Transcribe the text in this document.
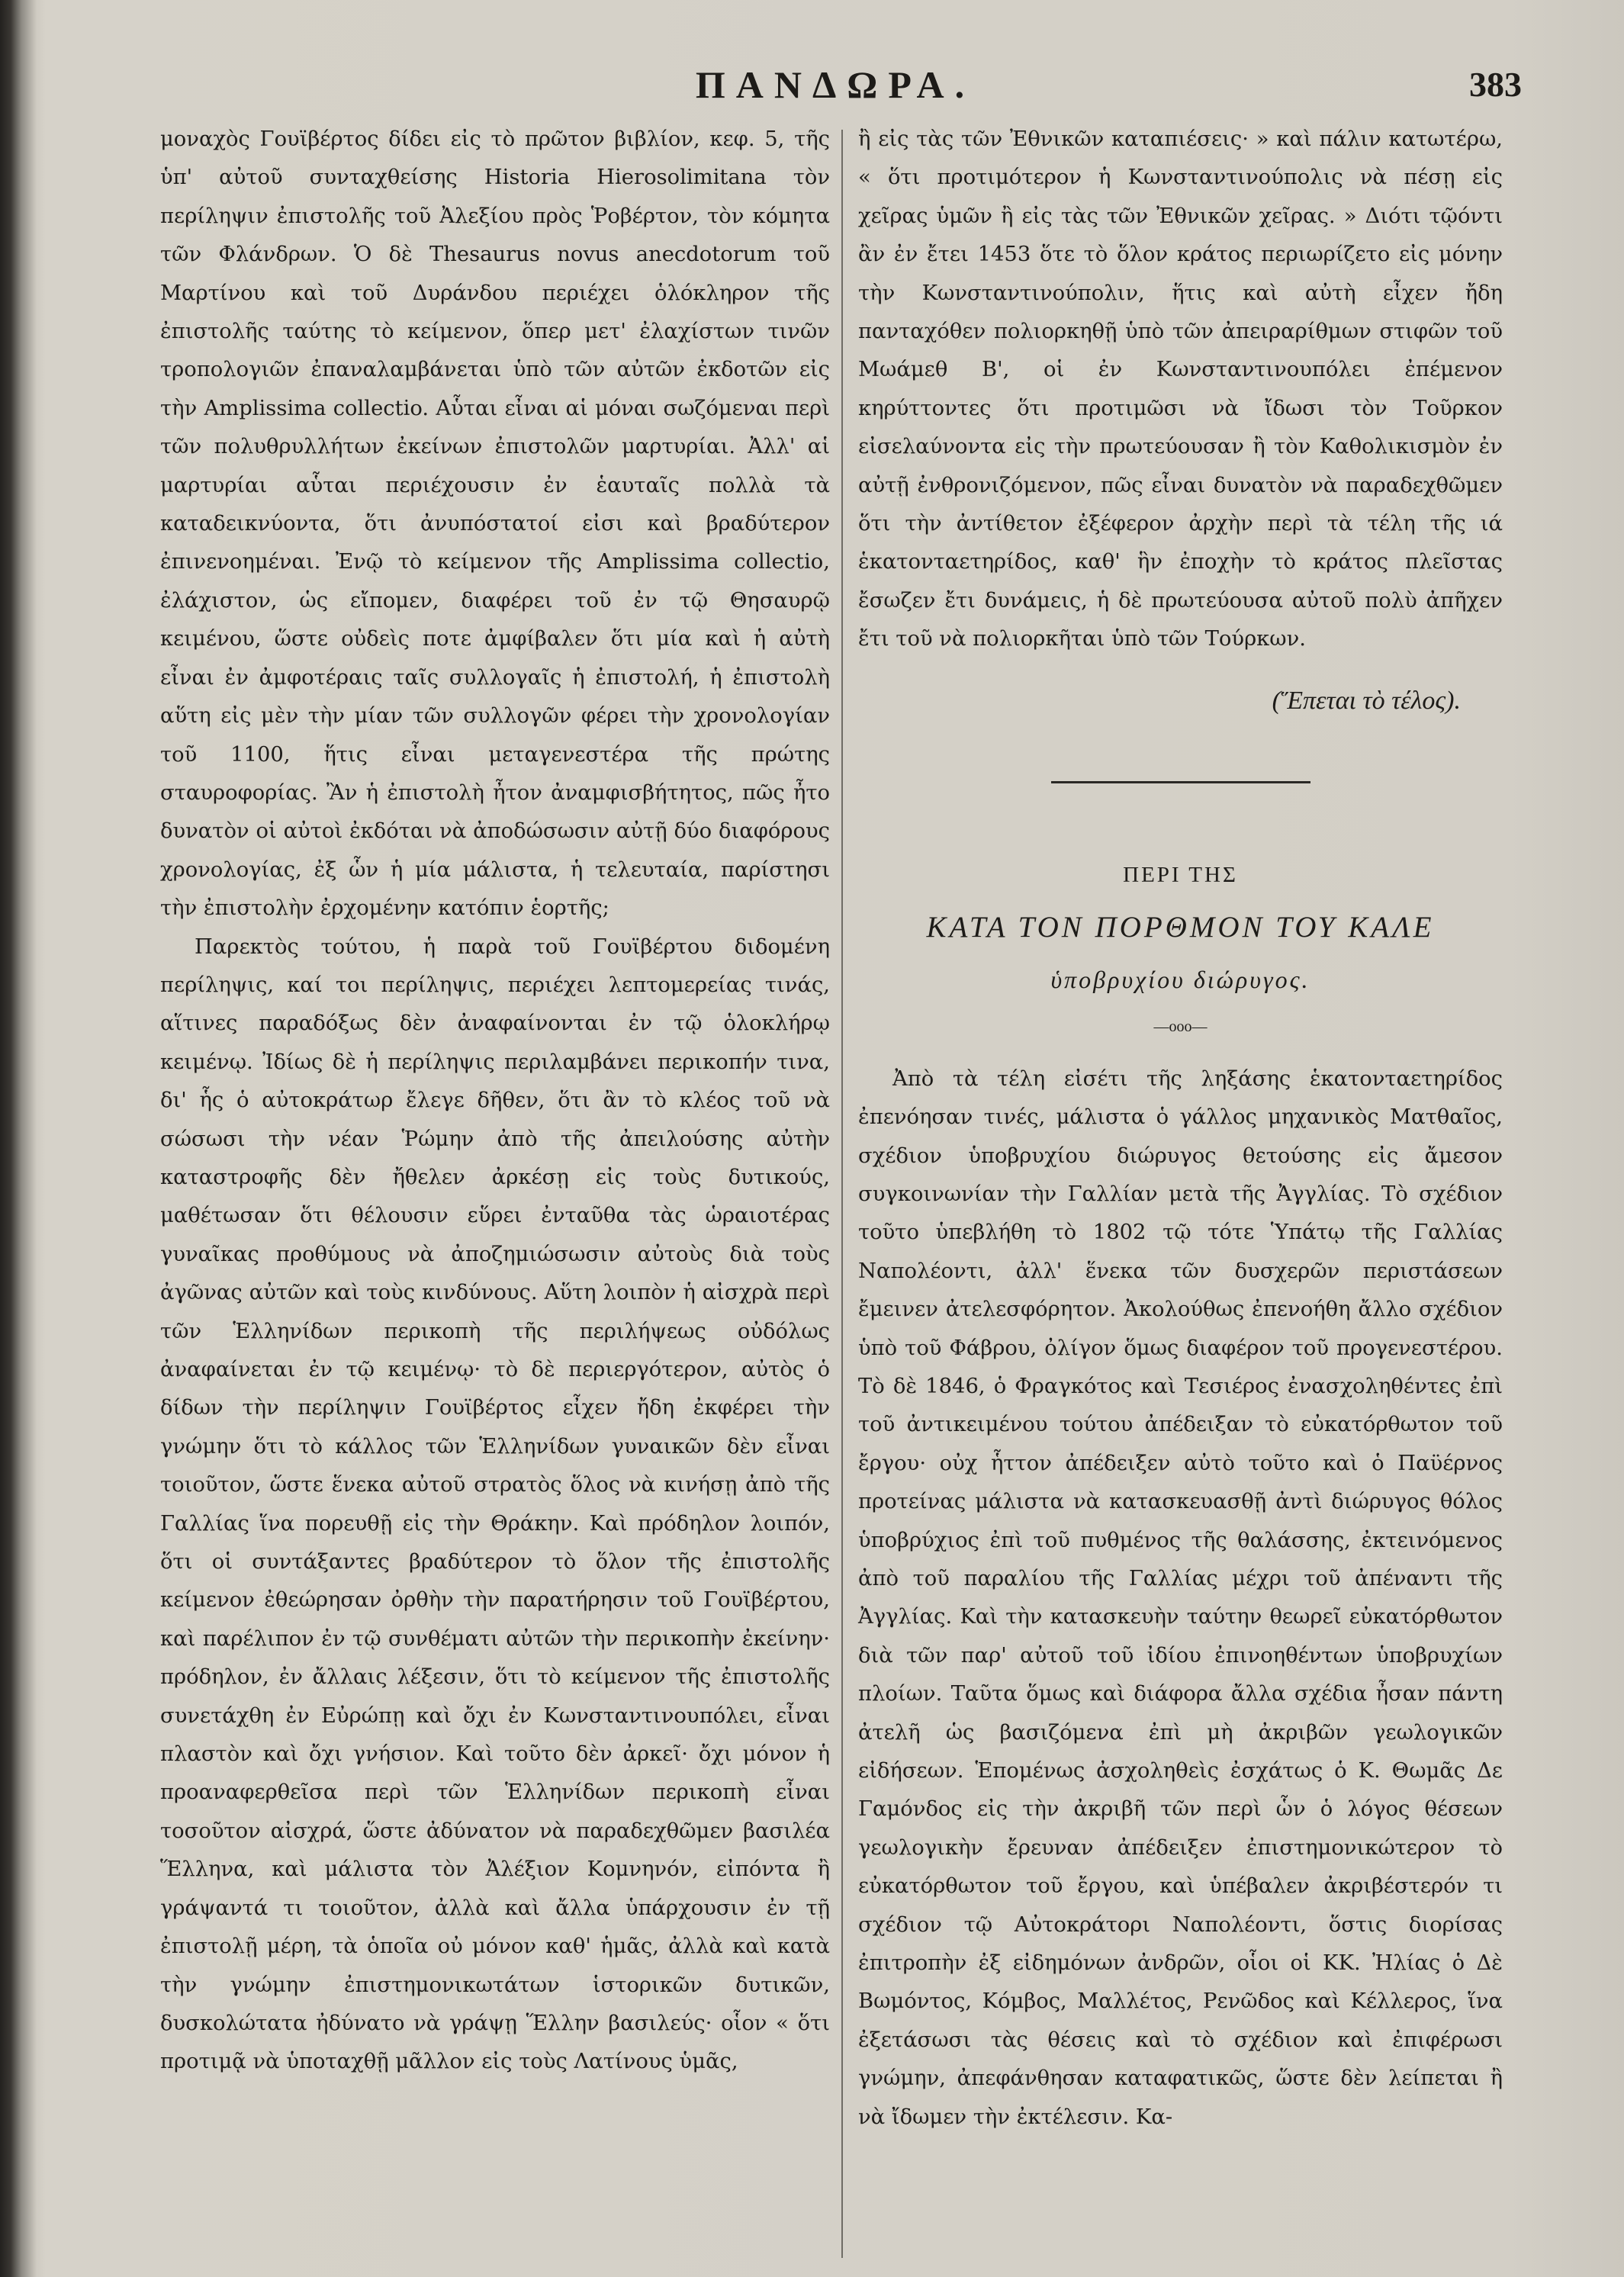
ΠΑΝΔΩΡΑ.	383

μοναχὸς Γουϊβέρτος δίδει εἰς τὸ πρῶτον βιβλίον, κεφ. 5, τῆς ὑπ' αὐτοῦ συνταχθείσης Historia Hierosolimitana τὸν περίληψιν ἐπιστολῆς τοῦ Ἀλεξίου πρὸς Ῥοβέρτον, τὸν κόμητα τῶν Φλάνδρων. Ὁ δὲ Thesaurus novus anecdotorum τοῦ Μαρτίνου καὶ τοῦ Δυράνδου περιέχει ὁλόκληρον τῆς ἐπιστολῆς ταύτης τὸ κείμενον, ὅπερ μετ' ἐλαχίστων τινῶν τροπολογιῶν ἐπαναλαμβάνεται ὑπὸ τῶν αὐτῶν ἐκδοτῶν εἰς τὴν Amplissima collectio. Αὗται εἶναι αἱ μόναι σωζόμεναι περὶ τῶν πολυθρυλλήτων ἐκείνων ἐπιστολῶν μαρτυρίαι. Ἀλλ' αἱ μαρτυρίαι αὗται περιέχουσιν ἐν ἑαυταῖς πολλὰ τὰ καταδεικνύοντα, ὅτι ἀνυπόστατοί εἰσι καὶ βραδύτερον ἐπινενοημέναι. Ἐνῷ τὸ κείμενον τῆς Amplissima collectio, ἐλάχιστον, ὡς εἴπομεν, διαφέρει τοῦ ἐν τῷ Θησαυρῷ κειμένου, ὥστε οὐδεὶς ποτε ἀμφίβαλεν ὅτι μία καὶ ἡ αὐτὴ εἶναι ἐν ἀμφοτέραις ταῖς συλλογαῖς ἡ ἐπιστολή, ἡ ἐπιστολὴ αὕτη εἰς μὲν τὴν μίαν τῶν συλλογῶν φέρει τὴν χρονολογίαν τοῦ 1100, ἥτις εἶναι μεταγενεστέρα τῆς πρώτης σταυροφορίας. Ἂν ἡ ἐπιστολὴ ἦτον ἀναμφισβήτητος, πῶς ἦτο δυνατὸν οἱ αὐτοὶ ἐκδόται νὰ ἀποδώσωσιν αὐτῇ δύο διαφόρους χρονολογίας, ἐξ ὧν ἡ μία μάλιστα, ἡ τελευταία, παρίστησι τὴν ἐπιστολὴν ἐρχομένην κατόπιν ἑορτῆς;

Παρεκτὸς τούτου, ἡ παρὰ τοῦ Γουϊβέρτου διδομένη περίληψις, καί τοι περίληψις, περιέχει λεπτομερείας τινάς, αἵτινες παραδόξως δὲν ἀναφαίνονται ἐν τῷ ὁλοκλήρῳ κειμένῳ. Ἰδίως δὲ ἡ περίληψις περιλαμβάνει περικοπήν τινα, δι' ἧς ὁ αὐτοκράτωρ ἔλεγε δῆθεν, ὅτι ἂν τὸ κλέος τοῦ νὰ σώσωσι τὴν νέαν Ῥώμην ἀπὸ τῆς ἀπειλούσης αὐτὴν καταστροφῆς δὲν ἤθελεν ἀρκέσῃ εἰς τοὺς δυτικούς, μαθέτωσαν ὅτι θέλουσιν εὕρει ἐνταῦθα τὰς ὡραιοτέρας γυναῖκας προθύμους νὰ ἀποζημιώσωσιν αὐτοὺς διὰ τοὺς ἀγῶνας αὐτῶν καὶ τοὺς κινδύνους. Αὕτη λοιπὸν ἡ αἰσχρὰ περὶ τῶν Ἑλληνίδων περικοπὴ τῆς περιλήψεως οὐδόλως ἀναφαίνεται ἐν τῷ κειμένῳ· τὸ δὲ περιεργότερον, αὐτὸς ὁ δίδων τὴν περίληψιν Γουϊβέρτος εἶχεν ἤδη ἐκφέρει τὴν γνώμην ὅτι τὸ κάλλος τῶν Ἑλληνίδων γυναικῶν δὲν εἶναι τοιοῦτον, ὥστε ἕνεκα αὐτοῦ στρατὸς ὅλος νὰ κινήσῃ ἀπὸ τῆς Γαλλίας ἵνα πορευθῇ εἰς τὴν Θράκην. Καὶ πρόδηλον λοιπόν, ὅτι οἱ συντάξαντες βραδύτερον τὸ ὅλον τῆς ἐπιστολῆς κείμενον ἐθεώρησαν ὀρθὴν τὴν παρατήρησιν τοῦ Γουϊβέρτου, καὶ παρέλιπον ἐν τῷ συνθέματι αὐτῶν τὴν περικοπὴν ἐκείνην· πρόδηλον, ἐν ἄλλαις λέξεσιν, ὅτι τὸ κείμενον τῆς ἐπιστολῆς συνετάχθη ἐν Εὐρώπῃ καὶ ὄχι ἐν Κωνσταντινουπόλει, εἶναι πλαστὸν καὶ ὄχι γνήσιον. Καὶ τοῦτο δὲν ἀρκεῖ· ὄχι μόνον ἡ προαναφερθεῖσα περὶ τῶν Ἑλληνίδων περικοπὴ εἶναι τοσοῦτον αἰσχρά, ὥστε ἀδύνατον νὰ παραδεχθῶμεν βασιλέα Ἕλληνα, καὶ μάλιστα τὸν Ἀλέξιον Κομνηνόν, εἰπόντα ἢ γράψαντά τι τοιοῦτον, ἀλλὰ καὶ ἄλλα ὑπάρχουσιν ἐν τῇ ἐπιστολῇ μέρη, τὰ ὁποῖα οὐ μόνον καθ' ἡμᾶς, ἀλλὰ καὶ κατὰ τὴν γνώμην ἐπιστημονικωτάτων ἱστορικῶν δυτικῶν, δυσκολώτατα ἠδύνατο νὰ γράψῃ Ἕλλην βασιλεύς· οἷον « ὅτι προτιμᾷ νὰ ὑποταχθῇ μᾶλλον εἰς τοὺς Λατίνους ὑμᾶς,

ἢ εἰς τὰς τῶν Ἐθνικῶν καταπιέσεις· » καὶ πάλιν κατωτέρω, « ὅτι προτιμότερον ἡ Κωνσταντινούπολις νὰ πέσῃ εἰς χεῖρας ὑμῶν ἢ εἰς τὰς τῶν Ἐθνικῶν χεῖρας. » Διότι τῷόντι ἂν ἐν ἔτει 1453 ὅτε τὸ ὅλον κράτος περιωρίζετο εἰς μόνην τὴν Κωνσταντινούπολιν, ἥτις καὶ αὐτὴ εἶχεν ἤδη πανταχόθεν πολιορκηθῇ ὑπὸ τῶν ἀπειραρίθμων στιφῶν τοῦ Μωάμεθ Β', οἱ ἐν Κωνσταντινουπόλει ἐπέμενον κηρύττοντες ὅτι προτιμῶσι νὰ ἴδωσι τὸν Τοῦρκον εἰσελαύνοντα εἰς τὴν πρωτεύουσαν ἢ τὸν Καθολικισμὸν ἐν αὐτῇ ἐνθρονιζόμενον, πῶς εἶναι δυνατὸν νὰ παραδεχθῶμεν ὅτι τὴν ἀντίθετον ἐξέφερον ἀρχὴν περὶ τὰ τέλη τῆς ιά ἑκατονταετηρίδος, καθ' ἣν ἐποχὴν τὸ κράτος πλεῖστας ἔσωζεν ἔτι δυνάμεις, ἡ δὲ πρωτεύουσα αὐτοῦ πολὺ ἀπῆχεν ἔτι τοῦ νὰ πολιορκῆται ὑπὸ τῶν Τούρκων.

(Ἕπεται τὸ τέλος).
ΠΕΡΙ ΤΗΣ
ΚΑΤΑ ΤΟΝ ΠΟΡΘΜΟΝ ΤΟΥ ΚΑΛΕ
ὑποβρυχίου διώρυγος.
—ooo—

Ἀπὸ τὰ τέλη εἰσέτι τῆς ληξάσης ἑκατονταετηρίδος ἐπενόησαν τινές, μάλιστα ὁ γάλλος μηχανικὸς Ματθαῖος, σχέδιον ὑποβρυχίου διώρυγος θετούσης εἰς ἄμεσον συγκοινωνίαν τὴν Γαλλίαν μετὰ τῆς Ἀγγλίας. Τὸ σχέδιον τοῦτο ὑπεβλήθη τὸ 1802 τῷ τότε Ὑπάτῳ τῆς Γαλλίας Ναπολέοντι, ἀλλ' ἕνεκα τῶν δυσχερῶν περιστάσεων ἔμεινεν ἀτελεσφόρητον. Ἀκολούθως ἐπενοήθη ἄλλο σχέδιον ὑπὸ τοῦ Φάβρου, ὀλίγον ὅμως διαφέρον τοῦ προγενεστέρου. Τὸ δὲ 1846, ὁ Φραγκότος καὶ Τεσιέρος ἐνασχοληθέντες ἐπὶ τοῦ ἀντικειμένου τούτου ἀπέδειξαν τὸ εὐκατόρθωτον τοῦ ἔργου· οὐχ ἧττον ἀπέδειξεν αὐτὸ τοῦτο καὶ ὁ Παϋέρνος προτείνας μάλιστα νὰ κατασκευασθῇ ἀντὶ διώρυγος θόλος ὑποβρύχιος ἐπὶ τοῦ πυθμένος τῆς θαλάσσης, ἐκτεινόμενος ἀπὸ τοῦ παραλίου τῆς Γαλλίας μέχρι τοῦ ἀπέναντι τῆς Ἀγγλίας. Καὶ τὴν κατασκευὴν ταύτην θεωρεῖ εὐκατόρθωτον διὰ τῶν παρ' αὐτοῦ τοῦ ἰδίου ἐπινοηθέντων ὑποβρυχίων πλοίων. Ταῦτα ὅμως καὶ διάφορα ἄλλα σχέδια ἦσαν πάντη ἀτελῆ ὡς βασιζόμενα ἐπὶ μὴ ἀκριβῶν γεωλογικῶν εἰδήσεων. Ἑπομένως ἀσχοληθεὶς ἐσχάτως ὁ Κ. Θωμᾶς Δε Γαμόνδος εἰς τὴν ἀκριβῆ τῶν περὶ ὧν ὁ λόγος θέσεων γεωλογικὴν ἔρευναν ἀπέδειξεν ἐπιστημονικώτερον τὸ εὐκατόρθωτον τοῦ ἔργου, καὶ ὑπέβαλεν ἀκριβέστερόν τι σχέδιον τῷ Αὐτοκράτορι Ναπολέοντι, ὅστις διορίσας ἐπιτροπὴν ἐξ εἰδημόνων ἀνδρῶν, οἷοι οἱ ΚΚ. Ἠλίας ὁ Δὲ Βωμόντος, Κόμβος, Μαλλέτος, Ρενῶδος καὶ Κέλλερος, ἵνα ἐξετάσωσι τὰς θέσεις καὶ τὸ σχέδιον καὶ ἐπιφέρωσι γνώμην, ἀπεφάνθησαν καταφατικῶς, ὥστε δὲν λείπεται ἢ νὰ ἴδωμεν τὴν ἐκτέλεσιν. Κα-
